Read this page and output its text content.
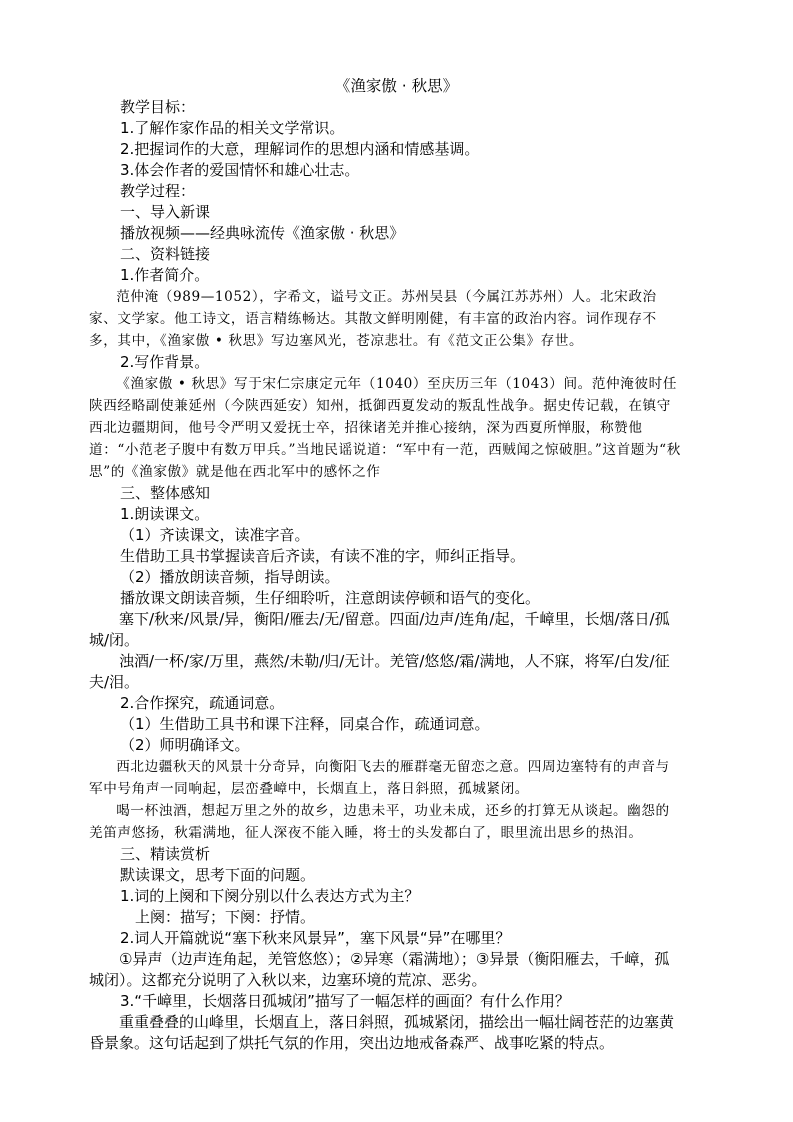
《渔家傲 · 秋思》

教学目标：

1.了解作家作品的相关文学常识。

2.把握词作的大意，理解词作的思想内涵和情感基调。

3.体会作者的爱国情怀和雄心壮志。

教学过程：

一、导入新课

播放视频——经典咏流传《渔家傲 · 秋思》

二、资料链接

1.作者简介。

范仲淹（989—1052），字希文，谥号文正。苏州吴县（今属江苏苏州）人。北宋政治家、文学家。他工诗文，语言精练畅达。其散文鲜明刚健，有丰富的政治内容。词作现存不多，其中，《渔家傲 • 秋思》写边塞风光，苍凉悲壮。有《范文正公集》存世。

2.写作背景。

《渔家傲 • 秋思》写于宋仁宗康定元年（1040）至庆历三年（1043）间。范仲淹彼时任陕西经略副使兼延州（今陕西延安）知州，抵御西夏发动的叛乱性战争。据史传记载，在镇守西北边疆期间，他号令严明又爱抚士卒，招徕诸羌并推心接纳，深为西夏所惮服，称赞他道：“小范老子腹中有数万甲兵。”当地民谣说道：“军中有一范，西贼闻之惊破胆。”这首题为“秋思”的《渔家傲》就是他在西北军中的感怀之作

三、整体感知

1.朗读课文。

（1）齐读课文，读准字音。

生借助工具书掌握读音后齐读，有读不准的字，师纠正指导。

（2）播放朗读音频，指导朗读。

播放课文朗读音频，生仔细聆听，注意朗读停顿和语气的变化。

塞下/秋来/风景/异，衡阳/雁去/无/留意。四面/边声/连角/起，千嶂里，长烟/落日/孤城/闭。

浊酒/一杯/家/万里，燕然/未勒/归/无计。羌管/悠悠/霜/满地，人不寐，将军/白发/征夫/泪。

2.合作探究，疏通词意。

（1）生借助工具书和课下注释，同桌合作，疏通词意。

（2）师明确译文。

西北边疆秋天的风景十分奇异，向衡阳飞去的雁群毫无留恋之意。四周边塞特有的声音与军中号角声一同响起，层峦叠嶂中，长烟直上，落日斜照，孤城紧闭。

喝一杯浊酒，想起万里之外的故乡，边患未平，功业未成，还乡的打算无从谈起。幽怨的羌笛声悠扬，秋霜满地，征人深夜不能入睡，将士的头发都白了，眼里流出思乡的热泪。

三、精读赏析

默读课文，思考下面的问题。

1.词的上阕和下阕分别以什么表达方式为主？

上阕：描写；下阕：抒情。

2.词人开篇就说“塞下秋来风景异”，塞下风景“异”在哪里？

①异声（边声连角起，羌管悠悠）；②异寒（霜满地）；③异景（衡阳雁去，千嶂，孤城闭）。这都充分说明了入秋以来，边塞环境的荒凉、恶劣。

3.“千嶂里，长烟落日孤城闭”描写了一幅怎样的画面？有什么作用？

重重叠叠的山峰里，长烟直上，落日斜照，孤城紧闭，描绘出一幅壮阔苍茫的边塞黄昏景象。这句话起到了烘托气氛的作用，突出边地戒备森严、战事吃紧的特点。
